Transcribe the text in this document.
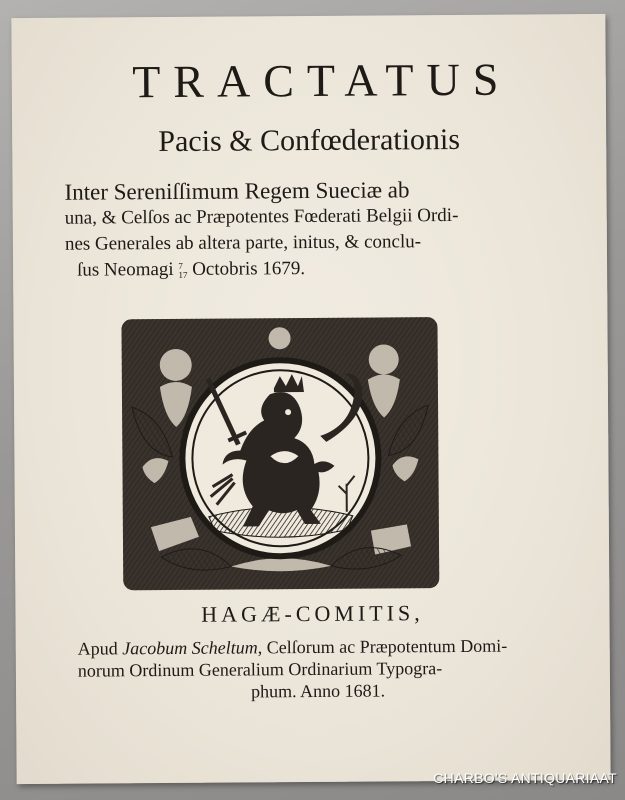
TRACTATUS
Pacis & Confœderationis
Inter Sereniſſimum Regem Sueciæ ab
una, & Celſos ac Præpotentes Fœderati Belgii Ordi-
nes Generales ab altera parte, initus, & conclu-
ſus Neomagi 7
17 Octobris 1679.
HAGÆ-COMITIS,
Apud Jacobum Scheltum, Celſorum ac Præpotentum Domi-
norum Ordinum Generalium Ordinarium Typogra-
phum. Anno 1681.
CHARBO'S ANTIQUARIAAT
